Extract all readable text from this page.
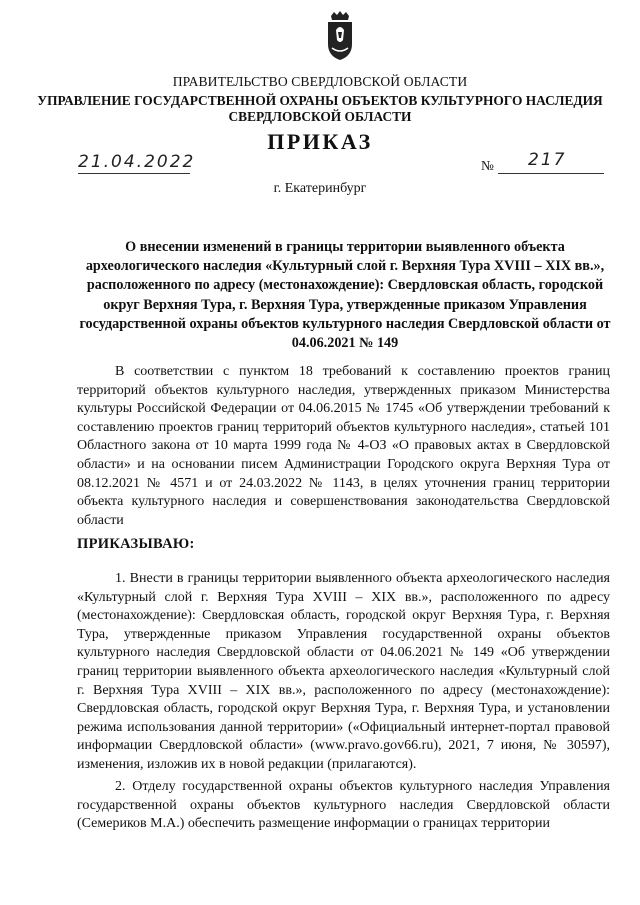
ПРАВИТЕЛЬСТВО СВЕРДЛОВСКОЙ ОБЛАСТИ
УПРАВЛЕНИЕ ГОСУДАРСТВЕННОЙ ОХРАНЫ ОБЪЕКТОВ КУЛЬТУРНОГО НАСЛЕДИЯ СВЕРДЛОВСКОЙ ОБЛАСТИ
ПРИКАЗ
21.04.2022	№ 217
г. Екатеринбург
О внесении изменений в границы территории выявленного объекта археологического наследия «Культурный слой г. Верхняя Тура XVIII – XIX вв.», расположенного по адресу (местонахождение): Свердловская область, городской округ Верхняя Тура, г. Верхняя Тура, утвержденные приказом Управления государственной охраны объектов культурного наследия Свердловской области от 04.06.2021 № 149

В соответствии с пунктом 18 требований к составлению проектов границ территорий объектов культурного наследия, утвержденных приказом Министерства культуры Российской Федерации от 04.06.2015 № 1745 «Об утверждении требований к составлению проектов границ территорий объектов культурного наследия», статьей 101 Областного закона от 10 марта 1999 года № 4-ОЗ «О правовых актах в Свердловской области» и на основании писем Администрации Городского округа Верхняя Тура от 08.12.2021 № 4571 и от 24.03.2022 № 1143, в целях уточнения границ территории объекта культурного наследия и совершенствования законодательства Свердловской области

ПРИКАЗЫВАЮ:

1. Внести в границы территории выявленного объекта археологического наследия «Культурный слой г. Верхняя Тура XVIII – XIX вв.», расположенного по адресу (местонахождение): Свердловская область, городской округ Верхняя Тура, г. Верхняя Тура, утвержденные приказом Управления государственной охраны объектов культурного наследия Свердловской области от 04.06.2021 № 149 «Об утверждении границ территории выявленного объекта археологического наследия «Культурный слой г. Верхняя Тура XVIII – XIX вв.», расположенного по адресу (местонахождение): Свердловская область, городской округ Верхняя Тура, г. Верхняя Тура, и установлении режима использования данной территории» («Официальный интернет-портал правовой информации Свердловской области» (www.pravo.gov66.ru), 2021, 7 июня, № 30597), изменения, изложив их в новой редакции (прилагаются).

2. Отделу государственной охраны объектов культурного наследия Управления государственной охраны объектов культурного наследия Свердловской области (Семериков М.А.) обеспечить размещение информации о границах территории
